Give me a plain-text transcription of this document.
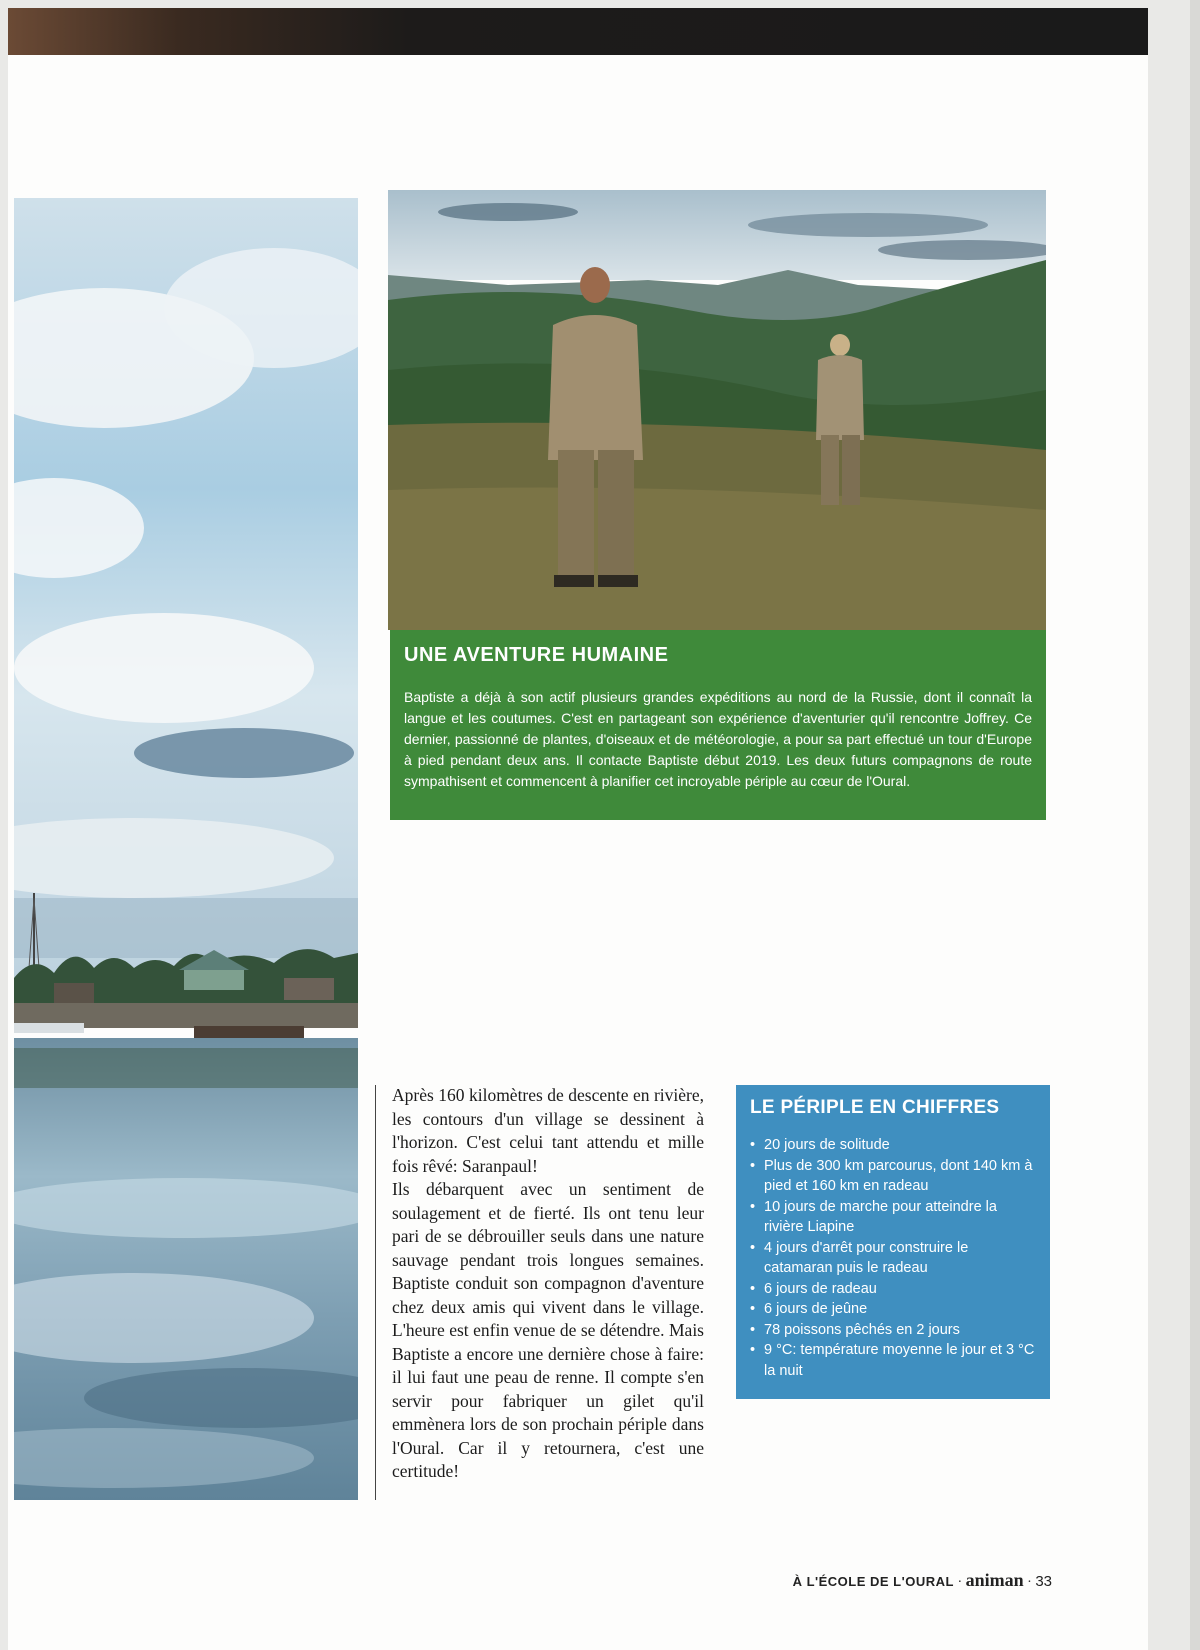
UNE AVENTURE HUMAINE
Baptiste a déjà à son actif plusieurs grandes expéditions au nord de la Russie, dont il connaît la langue et les coutumes. C'est en partageant son expérience d'aventurier qu'il rencontre Joffrey. Ce dernier, passionné de plantes, d'oiseaux et de météorologie, a pour sa part effectué un tour d'Europe à pied pendant deux ans. Il contacte Baptiste début 2019. Les deux futurs compagnons de route sympathisent et commencent à planifier cet incroyable périple au cœur de l'Oural.

Après 160 kilomètres de descente en rivière, les contours d'un village se dessinent à l'horizon. C'est celui tant attendu et mille fois rêvé: Saranpaul!

Ils débarquent avec un sentiment de soulagement et de fierté. Ils ont tenu leur pari de se débrouiller seuls dans une nature sauvage pendant trois longues semaines. Baptiste conduit son compagnon d'aventure chez deux amis qui vivent dans le village. L'heure est enfin venue de se détendre. Mais Baptiste a encore une dernière chose à faire: il lui faut une peau de renne. Il compte s'en servir pour fabriquer un gilet qu'il emmènera lors de son prochain périple dans l'Oural. Car il y retournera, c'est une certitude!

LE PÉRIPLE EN CHIFFRES
• 20 jours de solitude
• Plus de 300 km parcourus, dont 140 km à pied et 160 km en radeau
• 10 jours de marche pour atteindre la rivière Liapine
• 4 jours d'arrêt pour construire le catamaran puis le radeau
• 6 jours de radeau
• 6 jours de jeûne
• 78 poissons pêchés en 2 jours
• 9 °C: température moyenne le jour et 3 °C la nuit
À L'ÉCOLE DE L'OURAL · animan · 33
